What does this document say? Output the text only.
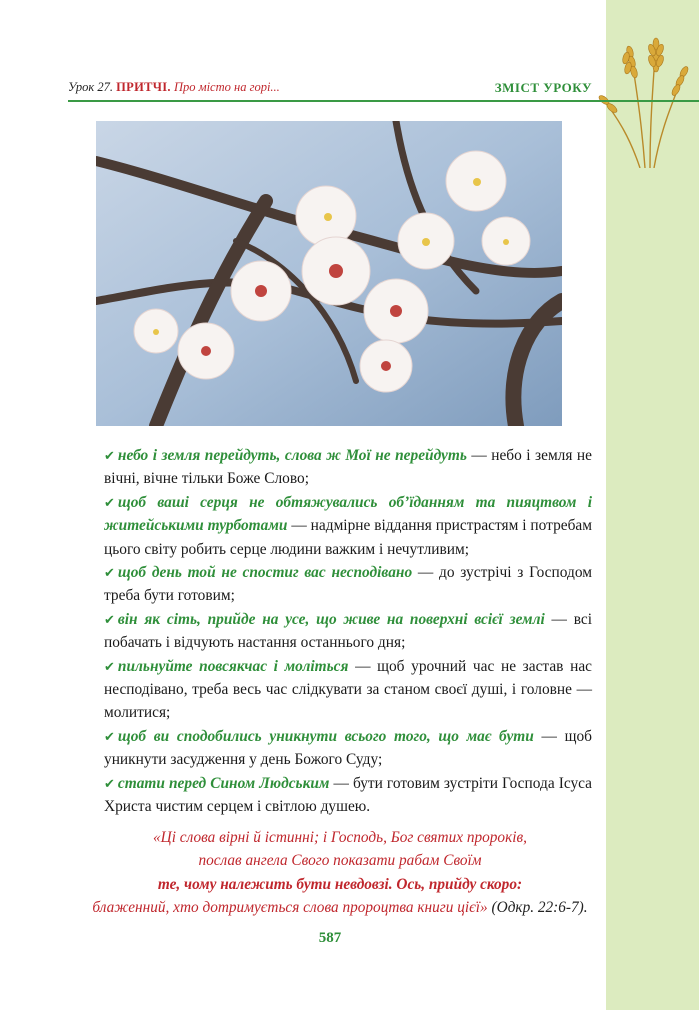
Урок 27. ПРИТЧІ. Про місто на горі...	ЗМІСТ УРОКУ

✔ небо і земля перейдуть, слова ж Мої не перейдуть — небо і земля не вічні, вічне тільки Боже Слово;

✔ щоб ваші серця не обтяжувались об’їданням та пияцтвом і житейськими турботами — надмірне віддання пристрастям і потребам цього світу робить серце людини важким і нечутливим;

✔ щоб день той не спостиг вас несподівано — до зустрічі з Господом треба бути готовим;

✔ він як сіть, прийде на усе, що живе на поверхні всієї землі — всі побачать і відчують настання останнього дня;

✔ пильнуйте повсякчас і моліться — щоб урочний час не застав нас несподівано, треба весь час слідкувати за станом своєї душі, і головне — молитися;

✔ щоб ви сподобились уникнути всього того, що має бути — щоб уникнути засудження у день Божого Суду;

✔ стати перед Сином Людським — бути готовим зустріти Господа Ісуса Христа чистим серцем і світлою душею.

«Ці слова вірні й істинні; і Господь, Бог святих пророків,
послав ангела Свого показати рабам Своїм
те, чому належить бути невдовзі. Ось, прийду скоро:
блаженний, хто дотримується слова пророцтва книги цієї» (Одкр. 22:6-7).
587
